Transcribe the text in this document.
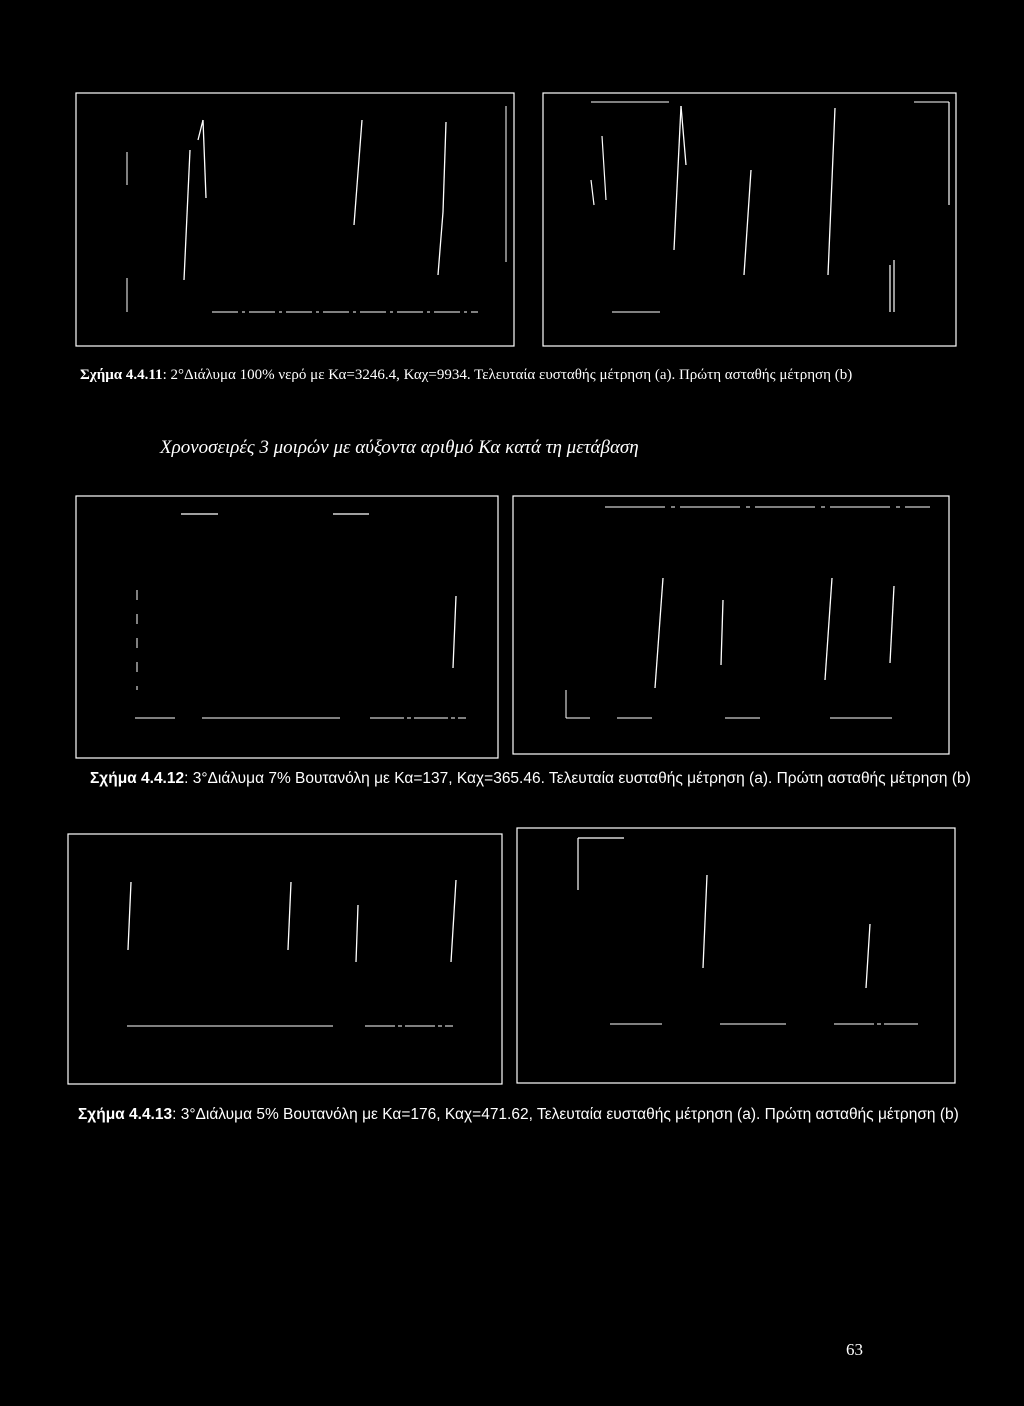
Σχήμα 4.4.11: 2°Διάλυμα 100% νερό με Κα=3246.4, Καχ=9934. Τελευταία ευσταθής μέτρηση (a). Πρώτη ασταθής μέτρηση (b)
Χρονοσειρές 3 μοιρών με αύξοντα αριθμό Κα κατά τη μετάβαση
Σχήμα 4.4.12: 3°Διάλυμα 7% Βουτανόλη με Κα=137, Καχ=365.46. Τελευταία ευσταθής μέτρηση (a). Πρώτη ασταθής μέτρηση (b)
Σχήμα 4.4.13: 3°Διάλυμα 5% Βουτανόλη με Κα=176, Καχ=471.62, Τελευταία ευσταθής μέτρηση (a). Πρώτη ασταθής μέτρηση (b)
63
